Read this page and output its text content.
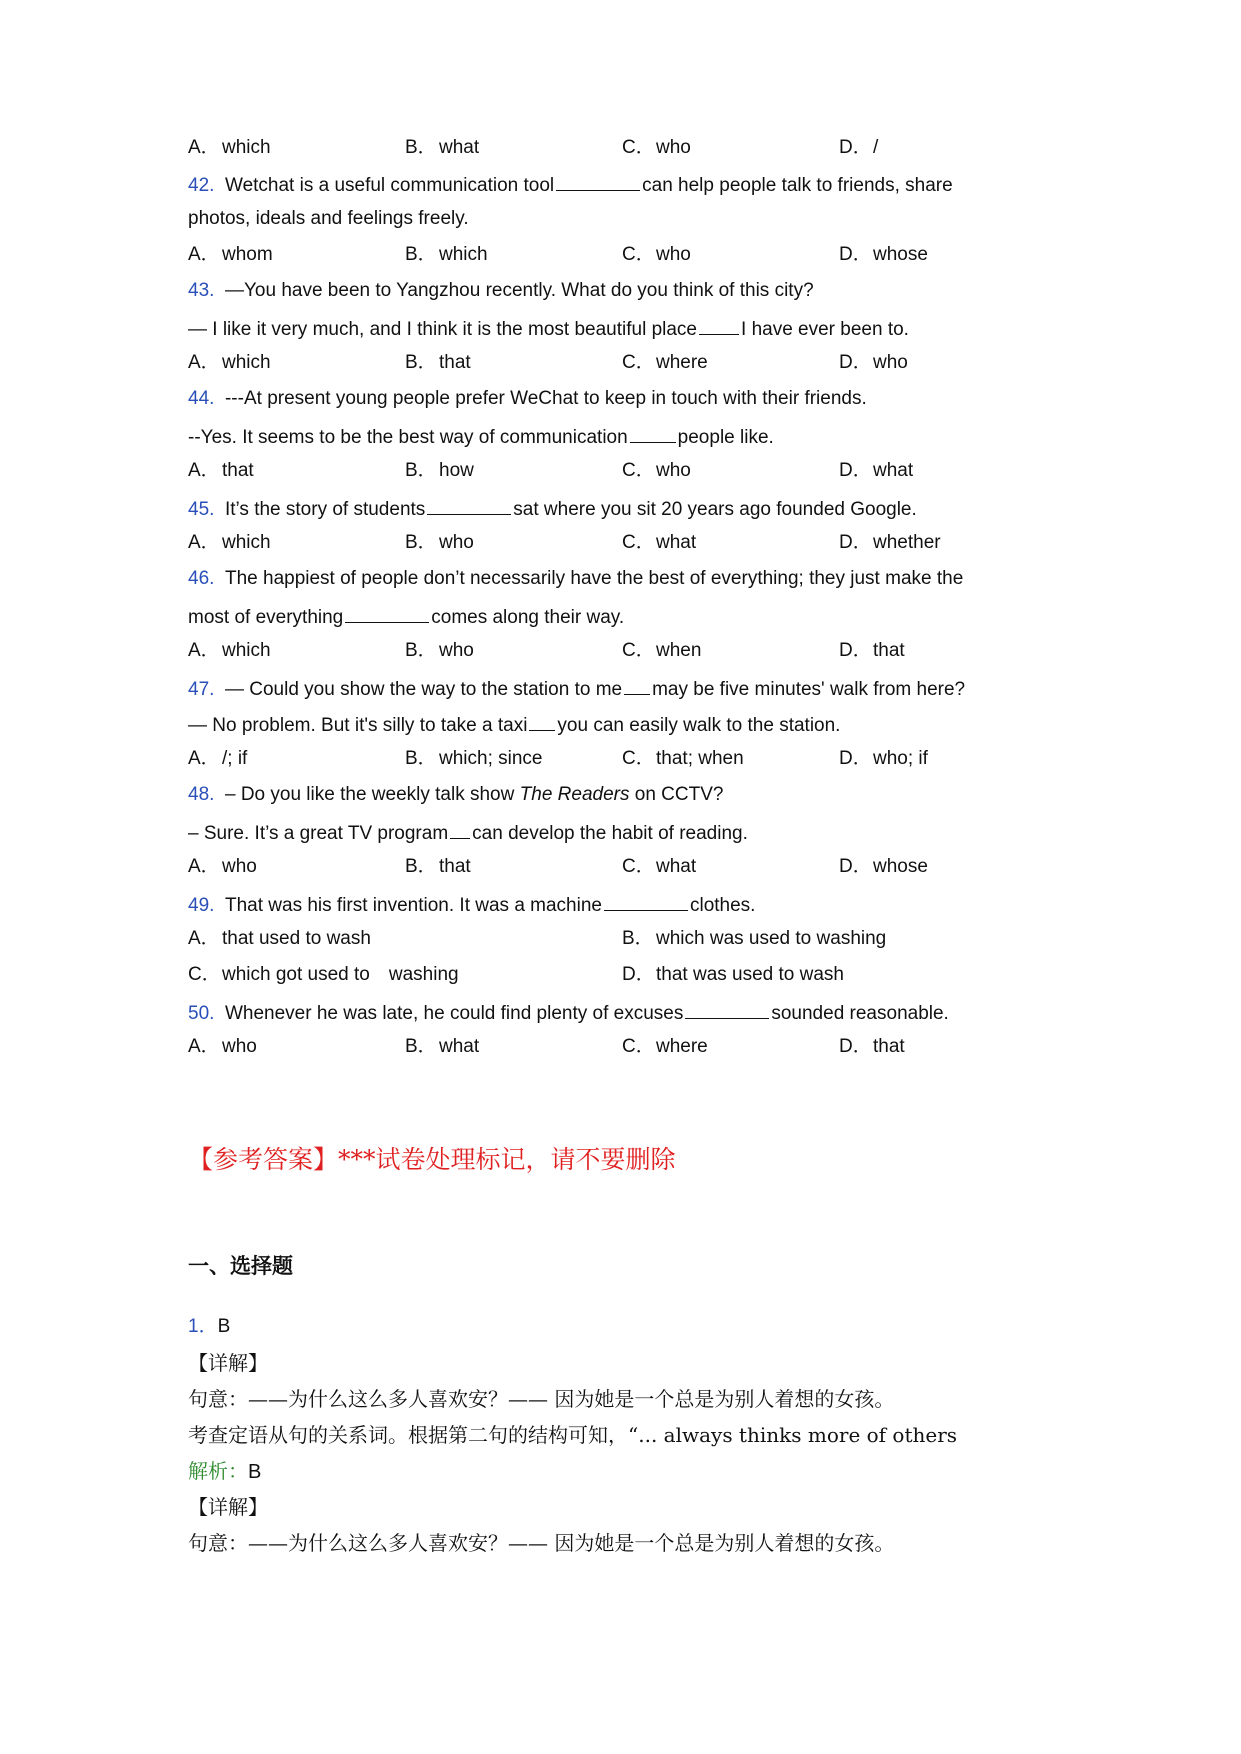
A． which	B． what	C．who	D．/
42. Wetchat is a useful communication tool	can help people talk to friends, share
photos, ideals and feelings freely.
A． whom	B． which	C．who	D．whose
43. —You have been to Yangzhou recently. What do you think of this city?
— I like it very much, and I think it is the most beautiful place I have ever been to.
A． which	B． that	C．where	D．who
44. ---At present young people prefer WeChat to keep in touch with their friends.
--Yes. It seems to be the best way of communication	people like.
A． that	B． how	C．who	D．what
45. It’s the story of students	sat where you sit 20 years ago founded Google.
A． which	B． who	C．what	D．whether
46. The happiest of people don’t necessarily have the best of everything; they just make the
most of everything	comes along their way.
A． which	B． who	C．when	D．that
47. — Could you show the way to the station to me may be five minutes' walk from here?
— No problem. But it's silly to take a taxi you can easily walk to the station.
A． /; if	B． which; since	C．that; when	D．who; if
48. – Do you like the weekly talk show The Readers on CCTV?
– Sure. It’s a great TV program can develop the habit of reading.
A． who	B． that	C．what	D．whose
49. That was his first invention. It was a machine	clothes.
A． that used to wash	B． which was used to washing
C．which got used to　washing	D．that was used to wash
50. Whenever he was late, he could find plenty of excuses	sounded reasonable.
A． who	B． what	C．where	D．that
【参考答案】***试卷处理标记，请不要删除
一、选择题
1．B
【详解】
句意：——为什么这么多人喜欢安？—— 因为她是一个总是为别人着想的女孩。
考查定语从句的关系词。根据第二句的结构可知，“... always thinks more of others
解析：B
【详解】
句意：——为什么这么多人喜欢安？—— 因为她是一个总是为别人着想的女孩。
